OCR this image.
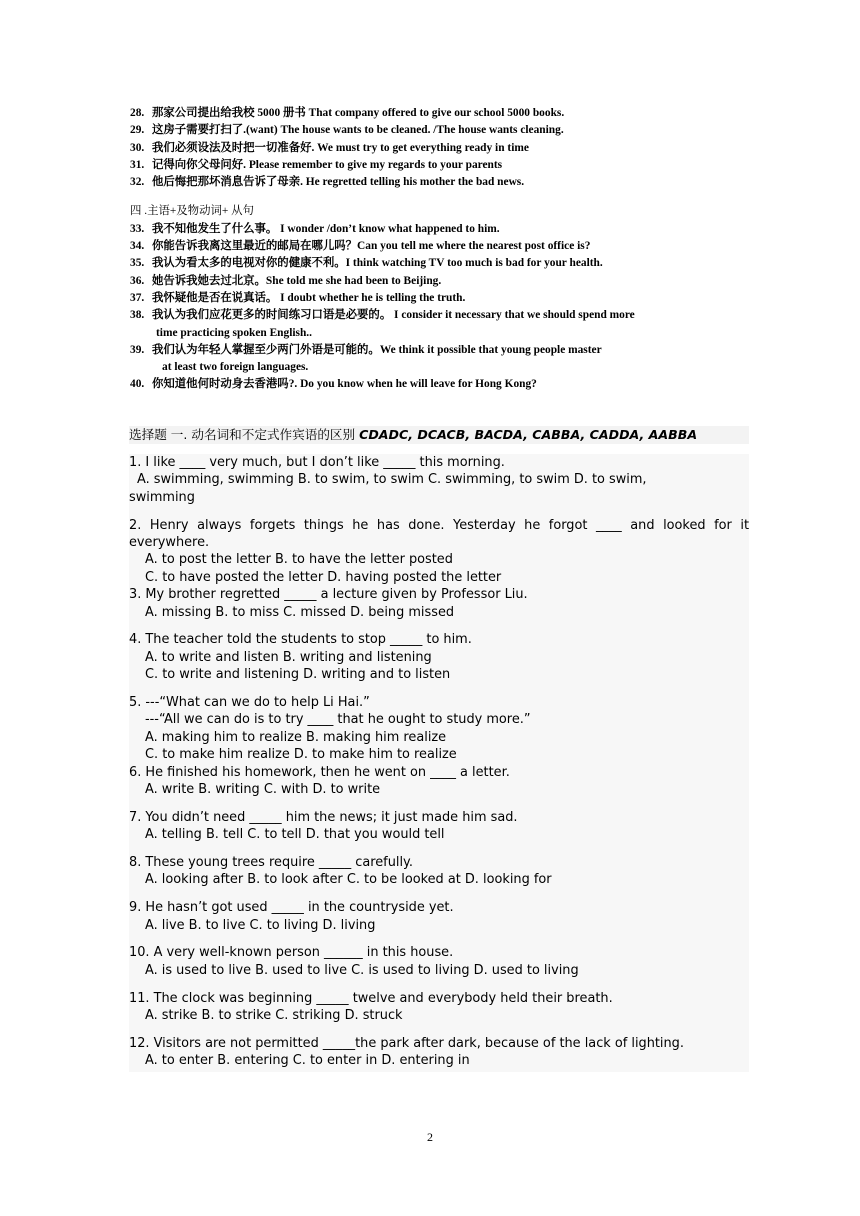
28. 那家公司提出给我校 5000 册书 That company offered to give our school 5000 books.
29. 这房子需要打扫了.(want) The house wants to be cleaned. /The house wants cleaning.
30. 我们必须设法及时把一切准备好. We must try to get everything ready in time
31. 记得向你父母问好. Please remember to give my regards to your parents
32. 他后悔把那坏消息告诉了母亲. He regretted telling his mother the bad news.
四 .主语+及物动词+ 从句
33. 我不知他发生了什么事。 I wonder /don’t know what happened to him.
34. 你能告诉我离这里最近的邮局在哪儿吗？Can you tell me where the nearest post office is?
35. 我认为看太多的电视对你的健康不利。I think watching TV too much is bad for your health.
36. 她告诉我她去过北京。She told me she had been to Beijing.
37. 我怀疑他是否在说真话。 I doubt whether he is telling the truth.
38. 我认为我们应花更多的时间练习口语是必要的。 I consider it necessary that we should spend more
time practicing spoken English..
39. 我们认为年轻人掌握至少两门外语是可能的。We think it possible that young people master
at least two foreign languages.
40. 你知道他何时动身去香港吗?. Do you know when he will leave for Hong Kong?
选择题 一. 动名词和不定式作宾语的区别 CDADC, DCACB, BACDA, CABBA, CADDA, AABBA
1. I like ____ very much, but I don’t like _____ this morning.
A. swimming, swimming B. to swim, to swim C. swimming, to swim D. to swim,
swimming
2. Henry always forgets things he has done. Yesterday he forgot ____ and looked for it everywhere.
A. to post the letter B. to have the letter posted
C. to have posted the letter D. having posted the letter
3. My brother regretted _____ a lecture given by Professor Liu.
A. missing B. to miss C. missed D. being missed
4. The teacher told the students to stop _____ to him.
A. to write and listen B. writing and listening
C. to write and listening D. writing and to listen
5. ---“What can we do to help Li Hai.”
---“All we can do is to try ____ that he ought to study more.”
A. making him to realize B. making him realize
C. to make him realize D. to make him to realize
6. He finished his homework, then he went on ____ a letter.
A. write B. writing C. with D. to write
7. You didn’t need _____ him the news; it just made him sad.
A. telling B. tell C. to tell D. that you would tell
8. These young trees require _____ carefully.
A. looking after B. to look after C. to be looked at D. looking for
9. He hasn’t got used _____ in the countryside yet.
A. live B. to live C. to living D. living
10. A very well-known person ______ in this house.
A. is used to live B. used to live C. is used to living D. used to living
11. The clock was beginning _____ twelve and everybody held their breath.
A. strike B. to strike C. striking D. struck
12. Visitors are not permitted _____the park after dark, because of the lack of lighting.
A. to enter B. entering C. to enter in D. entering in
2
